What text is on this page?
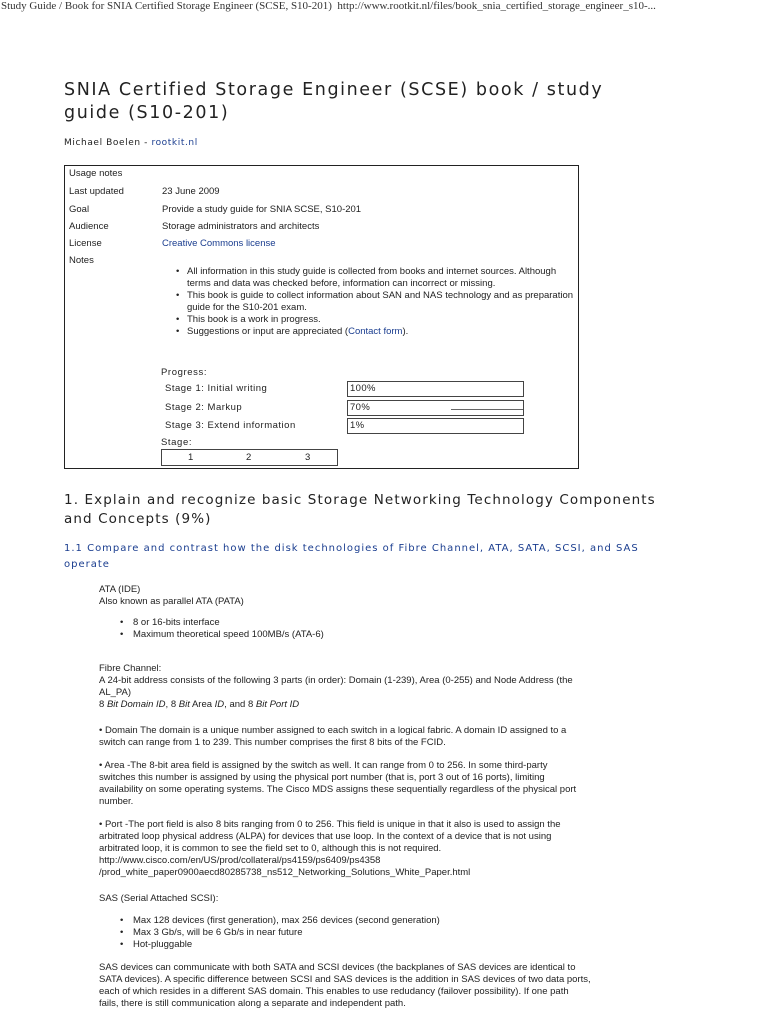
Study Guide / Book for SNIA Certified Storage Engineer (SCSE, S10-201) http://www.rootkit.nl/files/book_snia_certified_storage_engineer_s10-...
SNIA Certified Storage Engineer (SCSE) book / study
guide (S10-201)
Michael Boelen - rootkit.nl
Usage notes
Last updated	23 June 2009
Goal	Provide a study guide for SNIA SCSE, S10-201
Audience	Storage administrators and architects
License	Creative Commons license
Notes
• All information in this study guide is collected from books and internet sources. Although terms and data was checked before, information can incorrect or missing.
• This book is guide to collect information about SAN and NAS technology and as preparation guide for the S10-201 exam.
• This book is a work in progress.
• Suggestions or input are appreciated (Contact form).
Progress:
Stage 1: Initial writing	100%
Stage 2: Markup	70%
Stage 3: Extend information	1%
Stage:
1	2	3
1. Explain and recognize basic Storage Networking Technology Components
and Concepts (9%)
1.1 Compare and contrast how the disk technologies of Fibre Channel, ATA, SATA, SCSI, and SAS
operate
ATA (IDE)
Also known as parallel ATA (PATA)
• 8 or 16-bits interface
• Maximum theoretical speed 100MB/s (ATA-6)
Fibre Channel:
A 24-bit address consists of the following 3 parts (in order): Domain (1-239), Area (0-255) and Node Address (the
AL_PA)
8 Bit Domain ID, 8 Bit Area ID, and 8 Bit Port ID
• Domain The domain is a unique number assigned to each switch in a logical fabric. A domain ID assigned to a
switch can range from 1 to 239. This number comprises the first 8 bits of the FCID.
• Area -The 8-bit area field is assigned by the switch as well. It can range from 0 to 256. In some third-party
switches this number is assigned by using the physical port number (that is, port 3 out of 16 ports), limiting
availability on some operating systems. The Cisco MDS assigns these sequentially regardless of the physical port
number.
• Port -The port field is also 8 bits ranging from 0 to 256. This field is unique in that it also is used to assign the
arbitrated loop physical address (ALPA) for devices that use loop. In the context of a device that is not using
arbitrated loop, it is common to see the field set to 0, although this is not required.
http://www.cisco.com/en/US/prod/collateral/ps4159/ps6409/ps4358
/prod_white_paper0900aecd80285738_ns512_Networking_Solutions_White_Paper.html
SAS (Serial Attached SCSI):
• Max 128 devices (first generation), max 256 devices (second generation)
• Max 3 Gb/s, will be 6 Gb/s in near future
• Hot-pluggable
SAS devices can communicate with both SATA and SCSI devices (the backplanes of SAS devices are identical to
SATA devices). A specific difference between SCSI and SAS devices is the addition in SAS devices of two data ports,
each of which resides in a different SAS domain. This enables to use redudancy (failover possibility). If one path
fails, there is still communication along a separate and independent path.
